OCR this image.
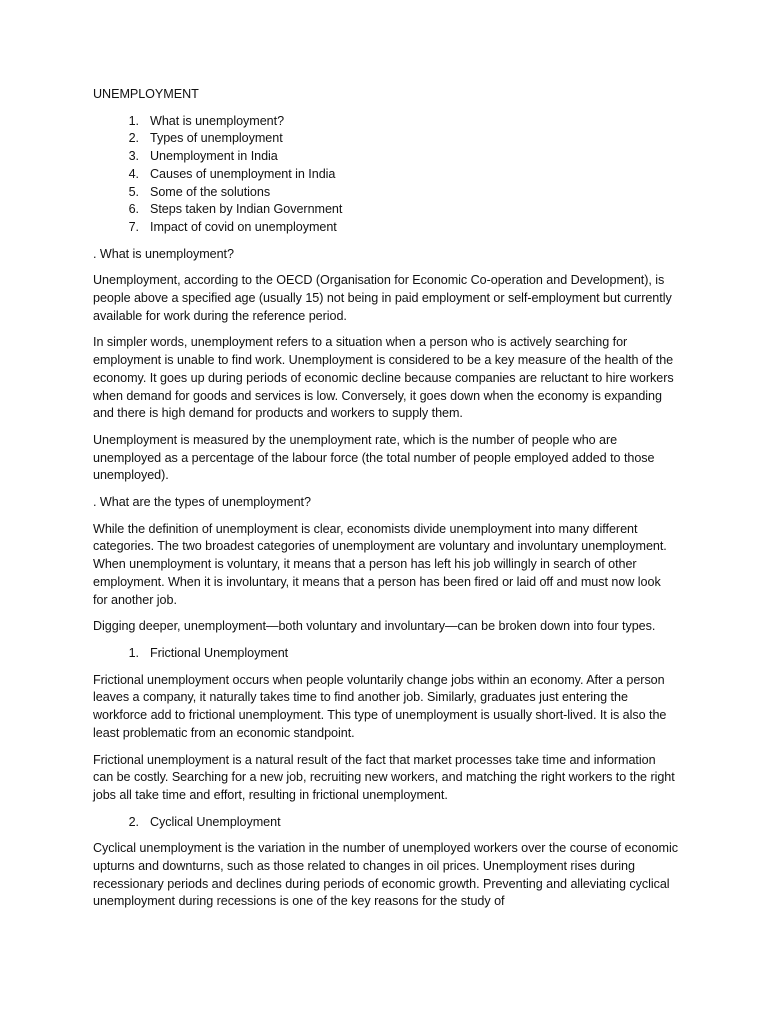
UNEMPLOYMENT
1. What is unemployment?
2. Types of unemployment
3. Unemployment in India
4. Causes of unemployment in India
5. Some of the solutions
6. Steps taken by Indian Government
7. Impact of covid on unemployment

. What is unemployment?

Unemployment, according to the OECD (Organisation for Economic Co-operation and Development), is people above a specified age (usually 15) not being in paid employment or self-employment but currently available for work during the reference period.

In simpler words, unemployment refers to a situation when a person who is actively searching for employment is unable to find work. Unemployment is considered to be a key measure of the health of the economy. It goes up during periods of economic decline because companies are reluctant to hire workers when demand for goods and services is low. Conversely, it goes down when the economy is expanding and there is high demand for products and workers to supply them.

Unemployment is measured by the unemployment rate, which is the number of people who are unemployed as a percentage of the labour force (the total number of people employed added to those unemployed).

. What are the types of unemployment?

While the definition of unemployment is clear, economists divide unemployment into many different categories. The two broadest categories of unemployment are voluntary and involuntary unemployment. When unemployment is voluntary, it means that a person has left his job willingly in search of other employment. When it is involuntary, it means that a person has been fired or laid off and must now look for another job.

Digging deeper, unemployment—both voluntary and involuntary—can be broken down into four types.

1. Frictional Unemployment

Frictional unemployment occurs when people voluntarily change jobs within an economy. After a person leaves a company, it naturally takes time to find another job. Similarly, graduates just entering the workforce add to frictional unemployment. This type of unemployment is usually short-lived. It is also the least problematic from an economic standpoint.

Frictional unemployment is a natural result of the fact that market processes take time and information can be costly. Searching for a new job, recruiting new workers, and matching the right workers to the right jobs all take time and effort, resulting in frictional unemployment.

2. Cyclical Unemployment

Cyclical unemployment is the variation in the number of unemployed workers over the course of economic upturns and downturns, such as those related to changes in oil prices. Unemployment rises during recessionary periods and declines during periods of economic growth. Preventing and alleviating cyclical unemployment during recessions is one of the key reasons for the study of
